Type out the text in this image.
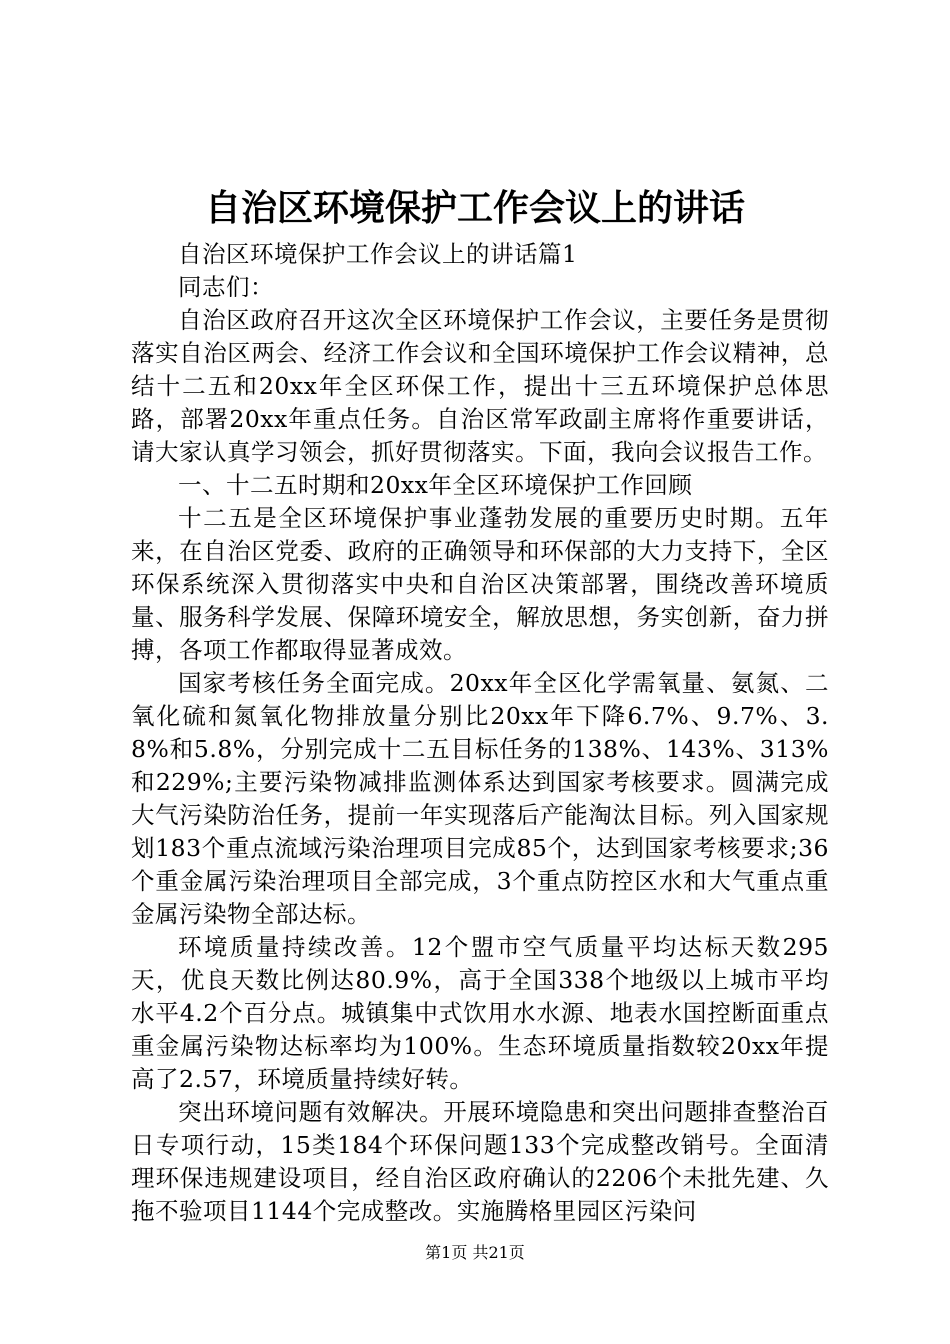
自治区环境保护工作会议上的讲话

自治区环境保护工作会议上的讲话篇1

同志们：

自治区政府召开这次全区环境保护工作会议，主要任务是贯彻落实自治区两会、经济工作会议和全国环境保护工作会议精神，总结十二五和20xx年全区环保工作，提出十三五环境保护总体思路，部署20xx年重点任务。自治区常军政副主席将作重要讲话，请大家认真学习领会，抓好贯彻落实。下面，我向会议报告工作。

一、十二五时期和20xx年全区环境保护工作回顾

十二五是全区环境保护事业蓬勃发展的重要历史时期。五年来，在自治区党委、政府的正确领导和环保部的大力支持下，全区环保系统深入贯彻落实中央和自治区决策部署，围绕改善环境质量、服务科学发展、保障环境安全，解放思想，务实创新，奋力拼搏，各项工作都取得显著成效。

国家考核任务全面完成。20xx年全区化学需氧量、氨氮、二氧化硫和氮氧化物排放量分别比20xx年下降6.7%、9.7%、3.8%和5.8%，分别完成十二五目标任务的138%、143%、313%和229%;主要污染物减排监测体系达到国家考核要求。圆满完成大气污染防治任务，提前一年实现落后产能淘汰目标。列入国家规划183个重点流域污染治理项目完成85个，达到国家考核要求;36个重金属污染治理项目全部完成，3个重点防控区水和大气重点重金属污染物全部达标。

环境质量持续改善。12个盟市空气质量平均达标天数295天，优良天数比例达80.9%，高于全国338个地级以上城市平均水平4.2个百分点。城镇集中式饮用水水源、地表水国控断面重点重金属污染物达标率均为100%。生态环境质量指数较20xx年提高了2.57，环境质量持续好转。

突出环境问题有效解决。开展环境隐患和突出问题排查整治百日专项行动，15类184个环保问题133个完成整改销号。全面清理环保违规建设项目，经自治区政府确认的2206个未批先建、久拖不验项目1144个完成整改。实施腾格里园区污染问

第1页 共21页
